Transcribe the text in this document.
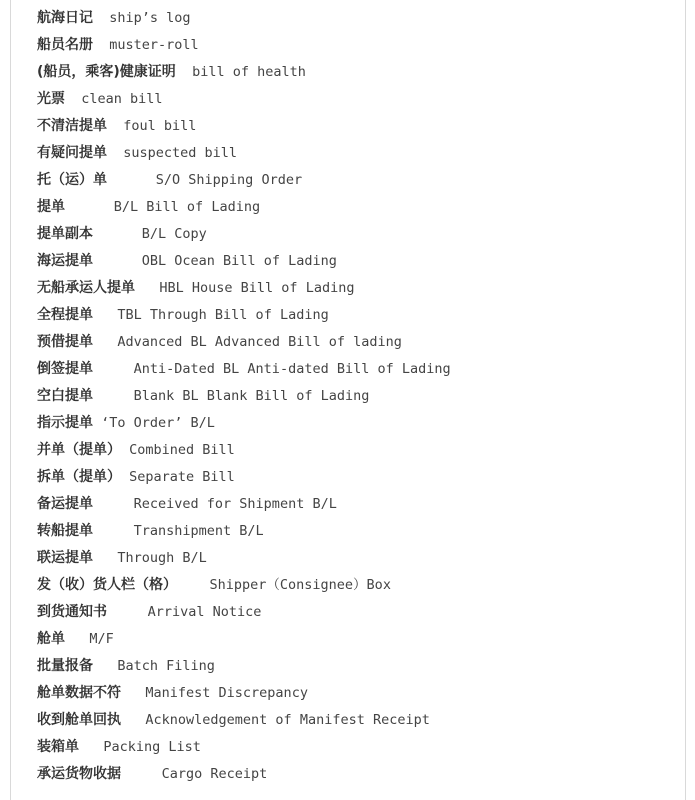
航海日记 ship’s log
船员名册 muster-roll
(船员，乘客)健康证明 bill of health
光票 clean bill
不清洁提单 foul bill
有疑问提单 suspected bill
托（运）单	S/O Shipping Order
提单	B/L Bill of Lading
提单副本	B/L Copy
海运提单	OBL Ocean Bill of Lading
无船承运人提单 HBL House Bill of Lading
全程提单 TBL Through Bill of Lading
预借提单 Advanced BL Advanced Bill of lading
倒签提单	Anti-Dated BL Anti-dated Bill of Lading
空白提单	Blank BL Blank Bill of Lading
指示提单 ‘To Order’ B/L
并单（提单） Combined Bill
拆单（提单） Separate Bill
备运提单	Received for Shipment B/L
转船提单	Transhipment B/L
联运提单 Through B/L
发（收）货人栏（格） Shipper（Consignee）Box
到货通知书	Arrival Notice
舱单 M/F
批量报备 Batch Filing
舱单数据不符 Manifest Discrepancy
收到舱单回执 Acknowledgement of Manifest Receipt
装箱单 Packing List
承运货物收据	Cargo Receipt
